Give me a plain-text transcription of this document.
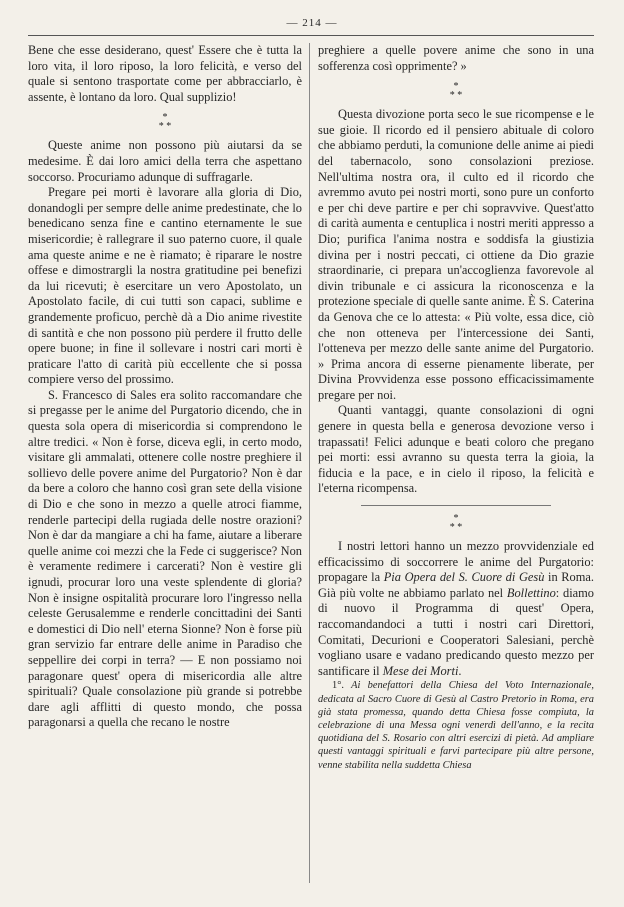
— 214 —

Bene che esse desiderano, quest' Essere che è tutta la loro vita, il loro riposo, la loro felicità, e verso del quale si sentono trasportate come per abbracciarlo, è assente, è lontano da loro. Qual supplizio!

*
* *

Queste anime non possono più aiutarsi da se medesime. È dai loro amici della terra che aspettano soccorso. Procuriamo adunque di suffragarle.

Pregare pei morti è lavorare alla gloria di Dio, donandogli per sempre delle anime predestinate, che lo benedicano senza fine e cantino eternamente le sue misericordie; è rallegrare il suo paterno cuore, il quale ama queste anime e ne è riamato; è riparare le nostre offese e dimostrargli la nostra gratitudine pei benefizi da lui ricevuti; è esercitare un vero Apostolato, un Apostolato facile, di cui tutti son capaci, sublime e grandemente proficuo, perchè dà a Dio anime rivestite di santità e che non possono più perdere il frutto delle opere buone; in fine il sollevare i nostri cari morti è praticare l'atto di carità più eccellente che si possa compiere verso del prossimo.

S. Francesco di Sales era solito raccomandare che si pregasse per le anime del Purgatorio dicendo, che in questa sola opera di misericordia si comprendono le altre tredici. « Non è forse, diceva egli, in certo modo, visitare gli ammalati, ottenere colle nostre preghiere il sollievo delle povere anime del Purgatorio? Non è dar da bere a coloro che hanno così gran sete della visione di Dio e che sono in mezzo a quelle atroci fiamme, renderle partecipi della rugiada delle nostre orazioni? Non è dar da mangiare a chi ha fame, aiutare a liberare quelle anime coi mezzi che la Fede ci suggerisce? Non è veramente redimere i carcerati? Non è vestire gli ignudi, procurar loro una veste splendente di gloria? Non è insigne ospitalità procurare loro l'ingresso nella celeste Gerusalemme e renderle concittadini dei Santi e domestici di Dio nell' eterna Sionne? Non è forse più gran servizio far entrare delle anime in Paradiso che seppellire dei corpi in terra? — E non possiamo noi paragonare quest' opera di misericordia alle altre spirituali? Quale consolazione più grande si potrebbe dare agli afflitti di questo mondo, che possa paragonarsi a quella che recano le nostre

preghiere a quelle povere anime che sono in una sofferenza così opprimente? »

*
* *

Questa divozione porta seco le sue ricompense e le sue gioie. Il ricordo ed il pensiero abituale di coloro che abbiamo perduti, la comunione delle anime ai piedi del tabernacolo, sono consolazioni preziose. Nell'ultima nostra ora, il culto ed il ricordo che avremmo avuto pei nostri morti, sono pure un conforto e per chi deve partire e per chi sopravvive. Quest'atto di carità aumenta e centuplica i nostri meriti appresso a Dio; purifica l'anima nostra e soddisfa la giustizia divina per i nostri peccati, ci ottiene da Dio grazie straordinarie, ci prepara un'accoglienza favorevole al divin tribunale e ci assicura la riconoscenza e la protezione speciale di quelle sante anime. È S. Caterina da Genova che ce lo attesta: « Più volte, essa dice, ciò che non otteneva per l'intercessione dei Santi, l'otteneva per mezzo delle sante anime del Purgatorio. » Prima ancora di esserne pienamente liberate, per Divina Provvidenza esse possono efficacissimamente pregare per noi.

Quanti vantaggi, quante consolazioni di ogni genere in questa bella e generosa devozione verso i trapassati! Felici adunque e beati coloro che pregano pei morti: essi avranno su questa terra la gioia, la fiducia e la pace, e in cielo il riposo, la felicità e l'eterna ricompensa.

*
* *

I nostri lettori hanno un mezzo provvidenziale ed efficacissimo di soccorrere le anime del Purgatorio: propagare la Pia Opera del S. Cuore di Gesù in Roma. Già più volte ne abbiamo parlato nel Bollettino: diamo di nuovo il Programma di quest' Opera, raccomandandoci a tutti i nostri cari Direttori, Comitati, Decurioni e Cooperatori Salesiani, perchè vogliano usare e vadano predicando questo mezzo per santificare il Mese dei Morti.

1°. Ai benefattori della Chiesa del Voto Internazionale, dedicata al Sacro Cuore di Gesù al Castro Pretorio in Roma, era già stata promessa, quando detta Chiesa fosse compiuta, la celebrazione di una Messa ogni venerdì dell'anno, e la recita quotidiana del S. Rosario con altri esercizi di pietà. Ad ampliare questi vantaggi spirituali e farvi partecipare più altre persone, venne stabilita nella suddetta Chiesa
